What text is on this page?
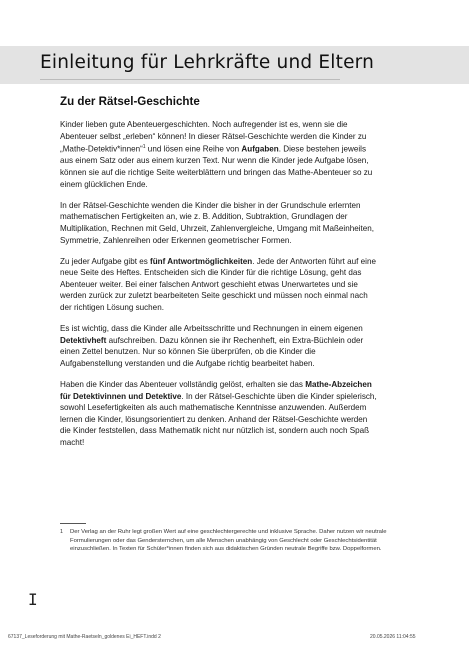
Einleitung für Lehrkräfte und Eltern
Zu der Rätsel-Geschichte

Kinder lieben gute Abenteuergeschichten. Noch aufregender ist es, wenn sie die Abenteuer selbst „erleben“ können! In dieser Rätsel-Geschichte werden die Kinder zu „Mathe-Detektiv*innen“$^1$ und lösen eine Reihe von Aufgaben. Diese bestehen jeweils aus einem Satz oder aus einem kurzen Text. Nur wenn die Kinder jede Aufgabe lösen, können sie auf die richtige Seite weiterblättern und bringen das Mathe-Abenteuer so zu einem glücklichen Ende.

In der Rätsel-Geschichte wenden die Kinder die bisher in der Grundschule erlernten mathematischen Fertigkeiten an, wie z. B. Addition, Subtraktion, Grundlagen der Multiplikation, Rechnen mit Geld, Uhrzeit, Zahlenvergleiche, Umgang mit Maßeinheiten, Symmetrie, Zahlenreihen oder Erkennen geometrischer Formen.

Zu jeder Aufgabe gibt es fünf Antwortmöglichkeiten. Jede der Antworten führt auf eine neue Seite des Heftes. Entscheiden sich die Kinder für die richtige Lösung, geht das Abenteuer weiter. Bei einer falschen Antwort geschieht etwas Unerwartetes und sie werden zurück zur zuletzt bearbeiteten Seite geschickt und müssen noch einmal nach der richtigen Lösung suchen.

Es ist wichtig, dass die Kinder alle Arbeitsschritte und Rechnungen in einem eigenen Detektivheft aufschreiben. Dazu können sie ihr Rechenheft, ein Extra-Büchlein oder einen Zettel benutzen. Nur so können Sie überprüfen, ob die Kinder die Aufgabenstellung verstanden und die Aufgabe richtig bearbeitet haben.

Haben die Kinder das Abenteuer vollständig gelöst, erhalten sie das Mathe-Abzeichen für Detektivinnen und Detektive. In der Rätsel-Geschichte üben die Kinder spielerisch, sowohl Lesefertigkeiten als auch mathematische Kenntnisse anzuwenden. Außerdem lernen die Kinder, lösungsorientiert zu denken. Anhand der Rätsel-Geschichte werden die Kinder feststellen, dass Mathematik nicht nur nützlich ist, sondern auch noch Spaß macht!

1	Der Verlag an der Ruhr legt großen Wert auf eine geschlechtergerechte und inklusive Sprache. Daher nutzen wir neutrale Formulierungen oder das Gendersternchen, um alle Menschen unabhängig von Geschlecht oder Geschlechtsidentität einzuschließen. In Texten für Schüler*innen finden sich aus didaktischen Gründen neutrale Begriffe bzw. Doppelformen.
I
67137_Leseforderung mit Mathe-Raetseln_goldenes Ei_HEFT.indd 2	20.05.2026 11:04:55
